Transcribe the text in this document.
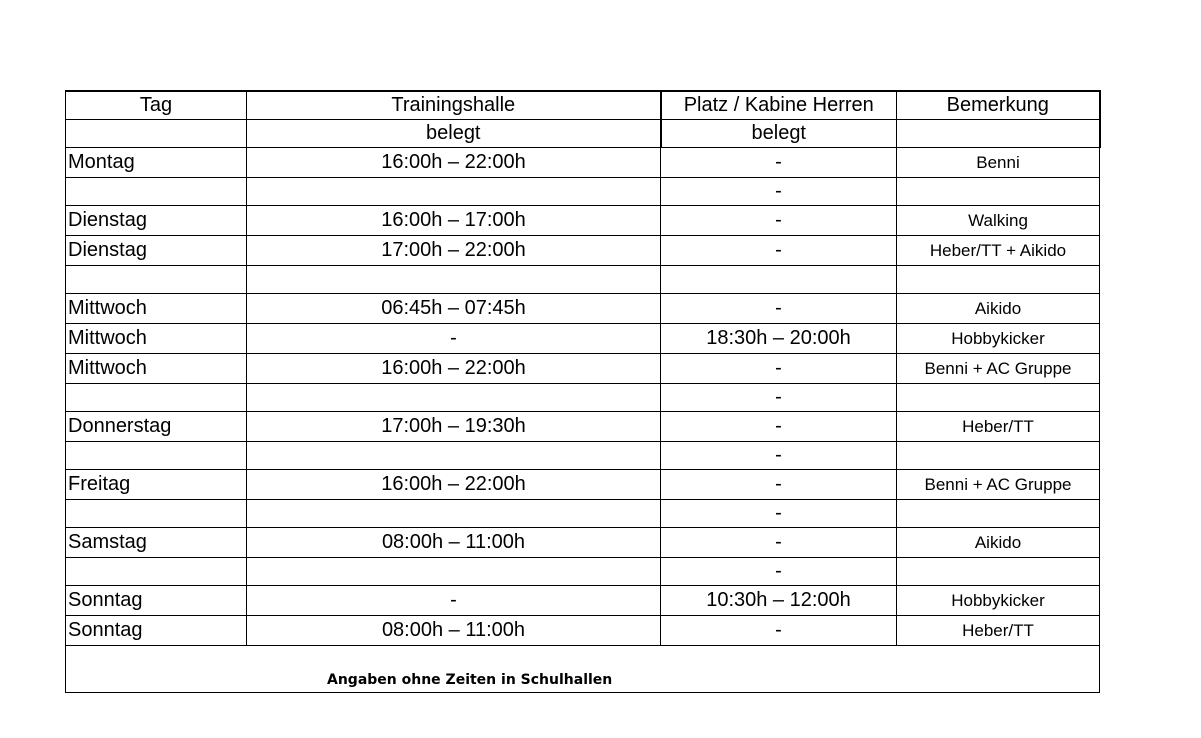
Tag	Trainingshalle	Platz / Kabine Herren	Bemerkung
	belegt	belegt	
Montag	16:00h – 22:00h	-	Benni
		-	
Dienstag	16:00h – 17:00h	-	Walking
Dienstag	17:00h – 22:00h	-	Heber/TT + Aikido

Mittwoch	06:45h – 07:45h	-	Aikido
Mittwoch	-	18:30h – 20:00h	Hobbykicker
Mittwoch	16:00h – 22:00h	-	Benni + AC Gruppe
		-	
Donnerstag	17:00h – 19:30h	-	Heber/TT
		-	
Freitag	16:00h – 22:00h	-	Benni + AC Gruppe
		-	
Samstag	08:00h – 11:00h	-	Aikido
		-	
Sonntag	-	10:30h – 12:00h	Hobbykicker
Sonntag	08:00h – 11:00h	-	Heber/TT
Angaben ohne Zeiten in Schulhallen			
